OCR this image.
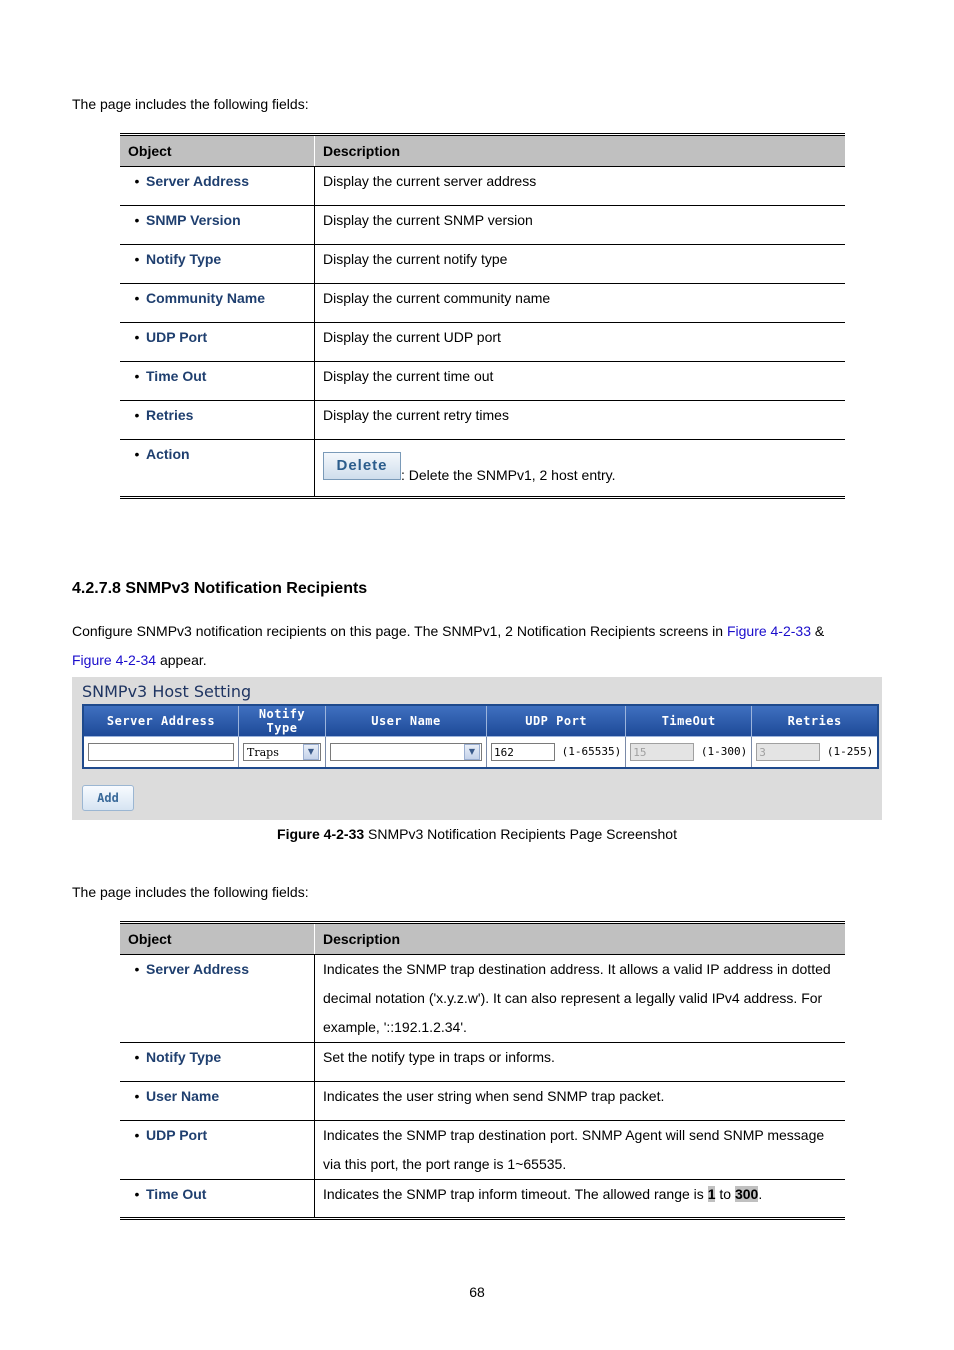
The page includes the following fields:
Object	Description

• Server Address	Display the current server address

• SNMP Version	Display the current SNMP version

• Notify Type	Display the current notify type

• Community Name	Display the current community name

• UDP Port	Display the current UDP port

• Time Out	Display the current time out

• Retries	Display the current retry times

• Action	Delete: Delete the SNMPv1, 2 host entry.
4.2.7.8 SNMPv3 Notification Recipients
Configure SNMPv3 notification recipients on this page. The SNMPv1, 2 Notification Recipients screens in Figure 4-2-33 &
Figure 4-2-34 appear.
SNMPv3 Host Setting
Server Address	Notify Type	User Name	UDP Port	TimeOut	Retries

	Traps ▼	▼	162 (1-65535)	15 (1-300)	3 (1-255)
Add
Figure 4-2-33 SNMPv3 Notification Recipients Page Screenshot
The page includes the following fields:
Object	Description

• Server Address	Indicates the SNMP trap destination address. It allows a valid IP address in dotted decimal notation ('x.y.z.w'). It can also represent a legally valid IPv4 address. For example, '::192.1.2.34'.

• Notify Type	Set the notify type in traps or informs.

• User Name	Indicates the user string when send SNMP trap packet.

• UDP Port	Indicates the SNMP trap destination port. SNMP Agent will send SNMP message via this port, the port range is 1~65535.

• Time Out	Indicates the SNMP trap inform timeout. The allowed range is 1 to 300.
68
